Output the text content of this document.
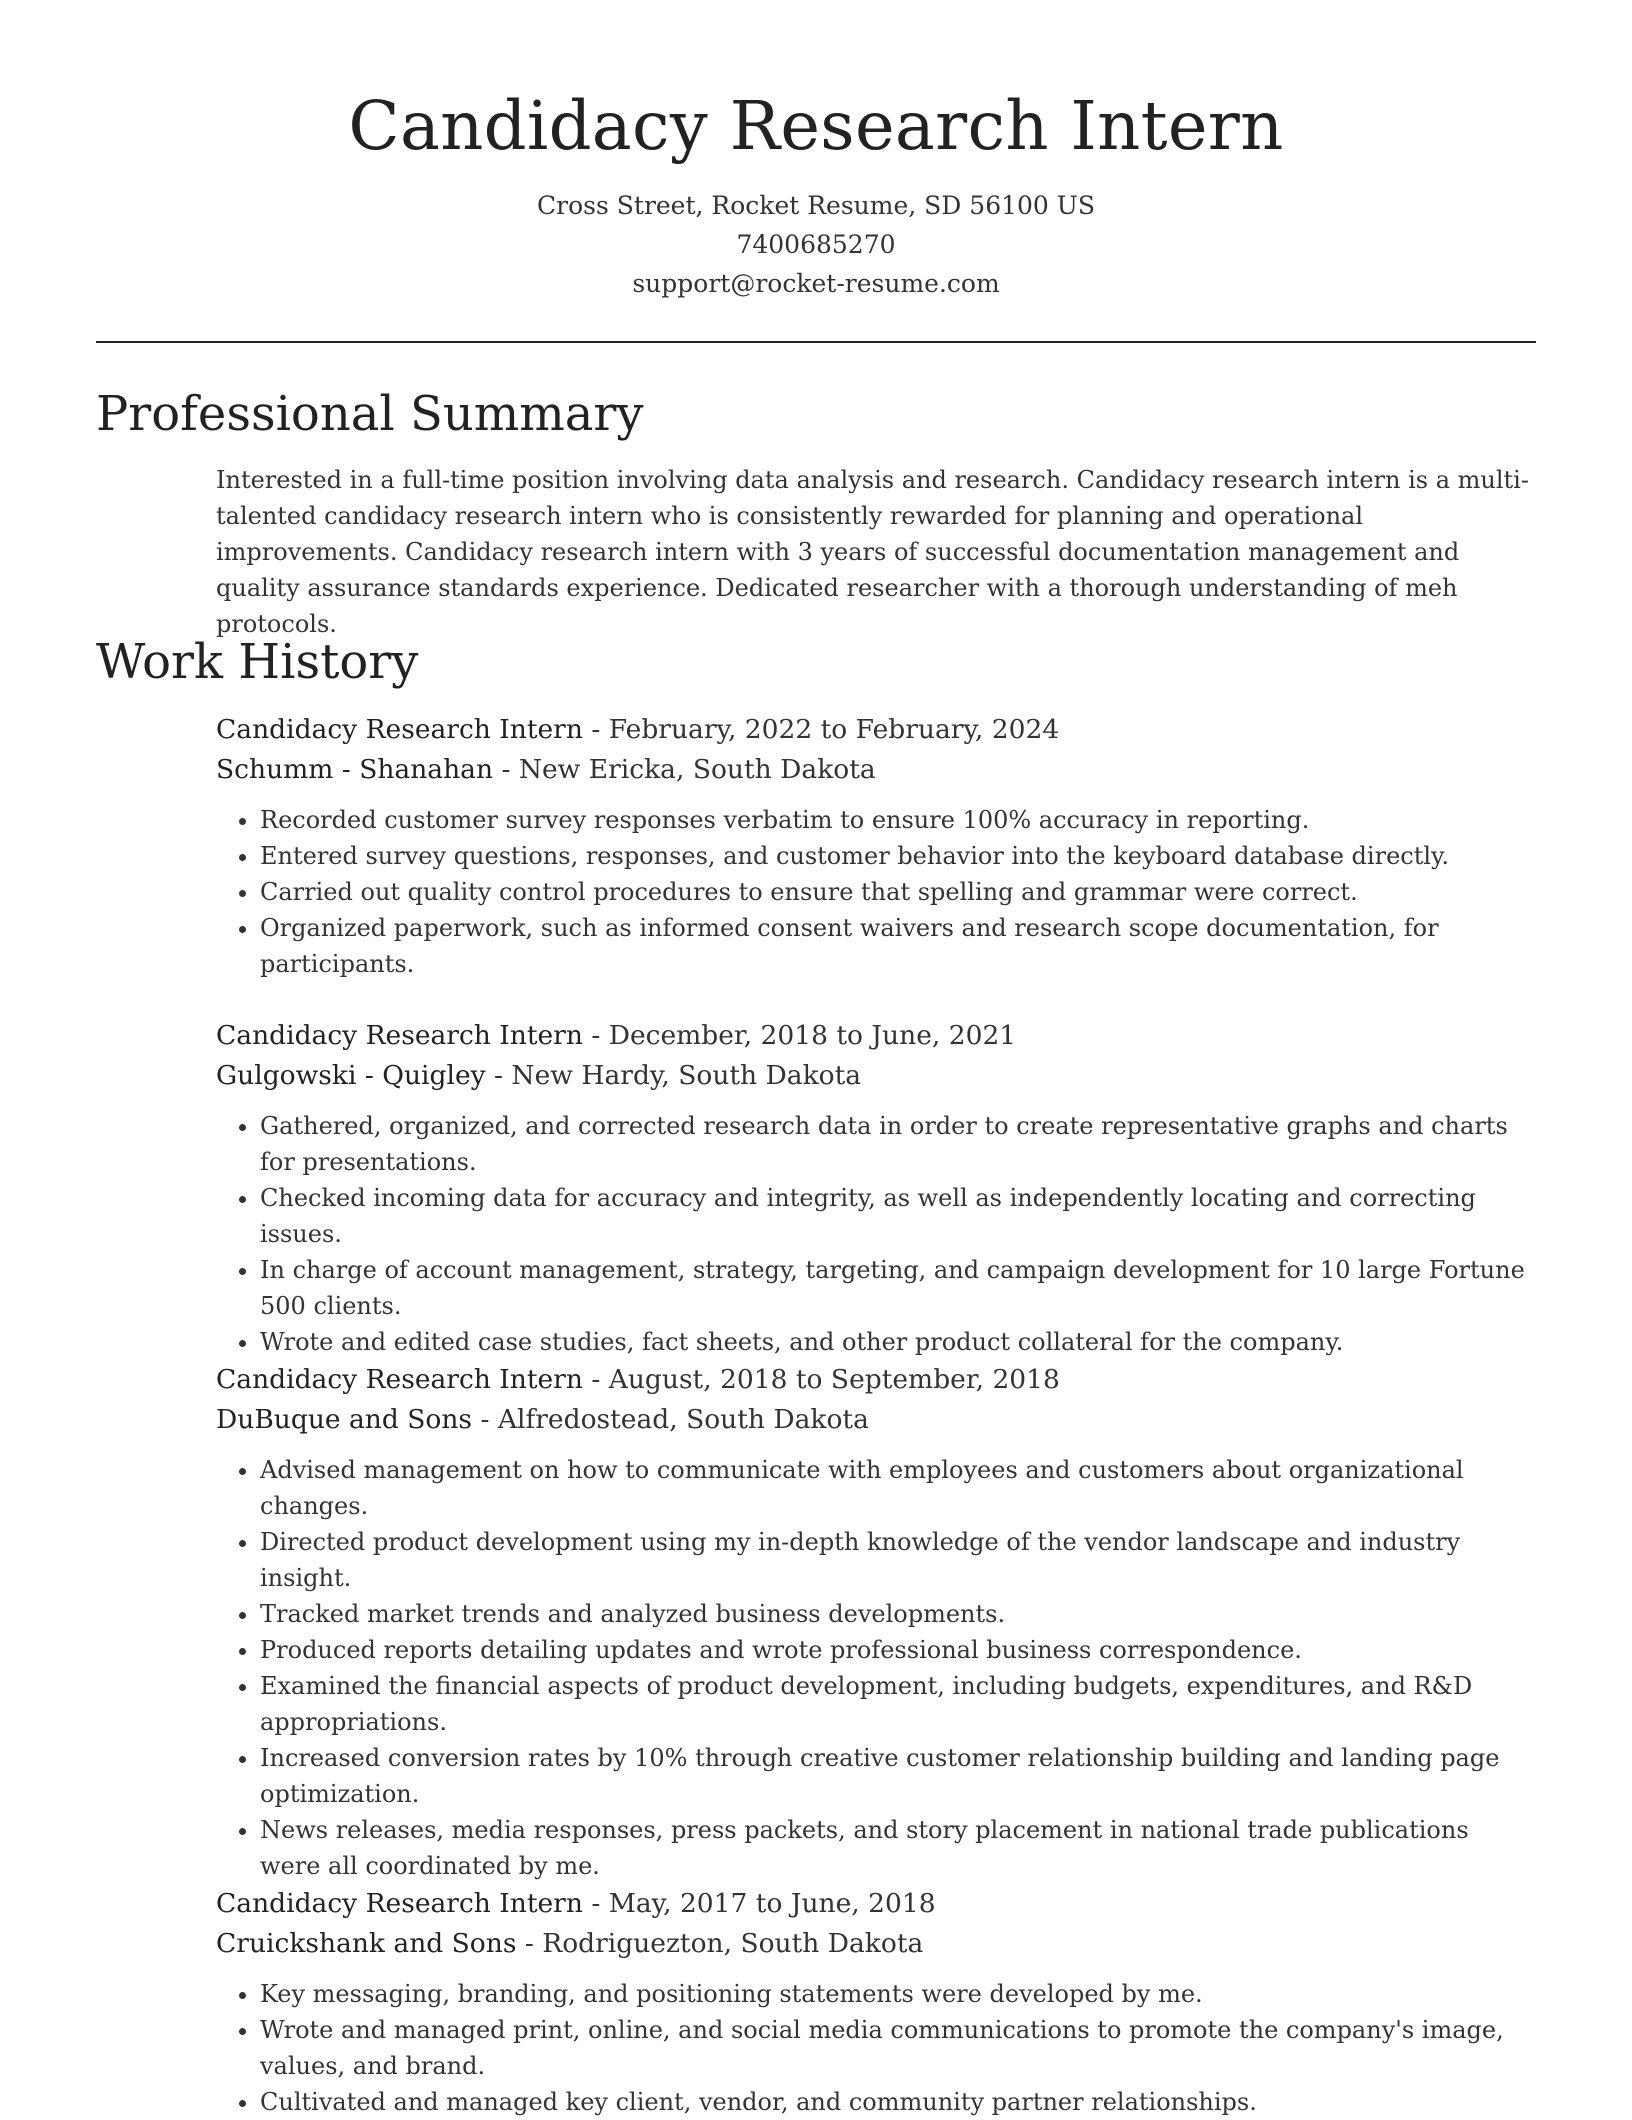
Candidacy Research Intern
Cross Street, Rocket Resume, SD 56100 US
7400685270
support@rocket-resume.com
Professional Summary

Interested in a full-time position involving data analysis and research. Candidacy research intern is a multi-talented candidacy research intern who is consistently rewarded for planning and operational improvements. Candidacy research intern with 3 years of successful documentation management and quality assurance standards experience. Dedicated researcher with a thorough understanding of meh protocols.

Work History
Candidacy Research Intern - February, 2022 to February, 2024
Schumm - Shanahan - New Ericka, South Dakota
• Recorded customer survey responses verbatim to ensure 100% accuracy in reporting.
• Entered survey questions, responses, and customer behavior into the keyboard database directly.
• Carried out quality control procedures to ensure that spelling and grammar were correct.
• Organized paperwork, such as informed consent waivers and research scope documentation, for participants.
Candidacy Research Intern - December, 2018 to June, 2021
Gulgowski - Quigley - New Hardy, South Dakota
• Gathered, organized, and corrected research data in order to create representative graphs and charts for presentations.
• Checked incoming data for accuracy and integrity, as well as independently locating and correcting issues.
• In charge of account management, strategy, targeting, and campaign development for 10 large Fortune 500 clients.
• Wrote and edited case studies, fact sheets, and other product collateral for the company.
Candidacy Research Intern - August, 2018 to September, 2018
DuBuque and Sons - Alfredostead, South Dakota
• Advised management on how to communicate with employees and customers about organizational changes.
• Directed product development using my in-depth knowledge of the vendor landscape and industry insight.
• Tracked market trends and analyzed business developments.
• Produced reports detailing updates and wrote professional business correspondence.
• Examined the financial aspects of product development, including budgets, expenditures, and R&D appropriations.
• Increased conversion rates by 10% through creative customer relationship building and landing page optimization.
• News releases, media responses, press packets, and story placement in national trade publications were all coordinated by me.
Candidacy Research Intern - May, 2017 to June, 2018
Cruickshank and Sons - Rodriguezton, South Dakota
• Key messaging, branding, and positioning statements were developed by me.
• Wrote and managed print, online, and social media communications to promote the company's image, values, and brand.
• Cultivated and managed key client, vendor, and community partner relationships.
